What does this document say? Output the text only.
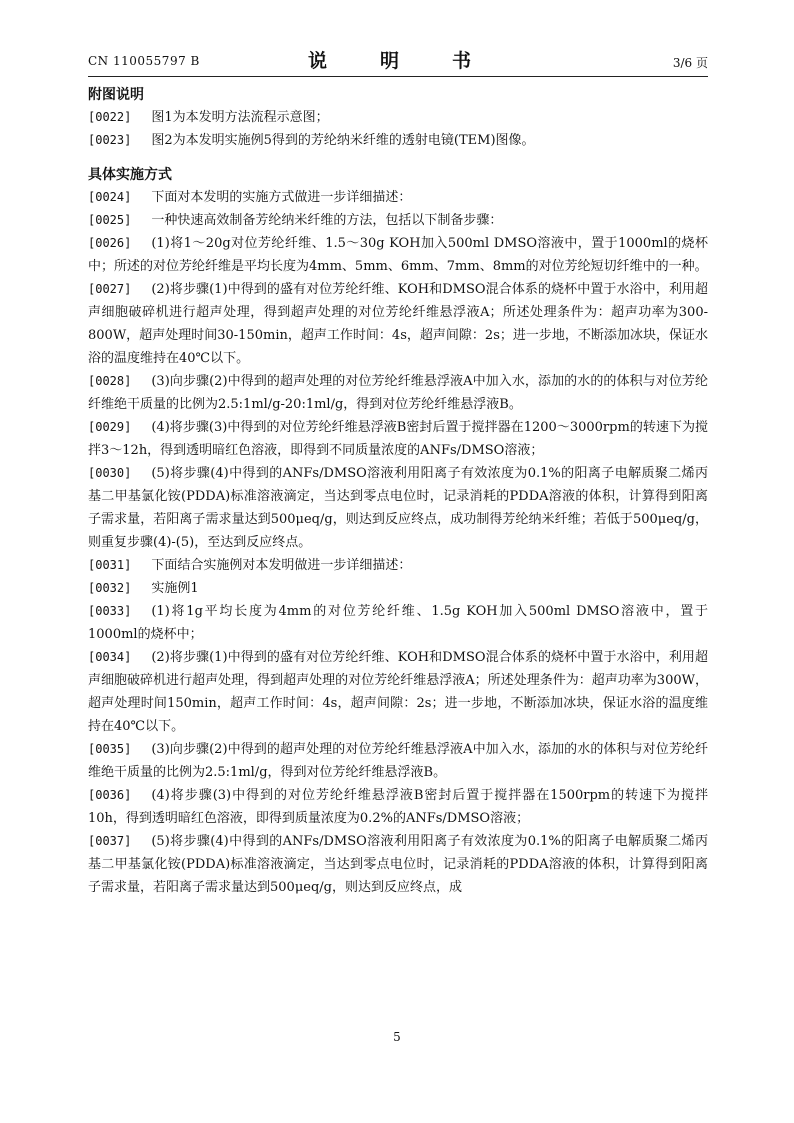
CN 110055797 B	说　明　书	3/6 页
附图说明
[0022] 图1为本发明方法流程示意图；
[0023] 图2为本发明实施例5得到的芳纶纳米纤维的透射电镜(TEM)图像。
具体实施方式
[0024] 下面对本发明的实施方式做进一步详细描述：
[0025] 一种快速高效制备芳纶纳米纤维的方法，包括以下制备步骤：
[0026] (1)将1～20g对位芳纶纤维、1.5～30g KOH加入500ml DMSO溶液中，置于1000ml的烧杯中；所述的对位芳纶纤维是平均长度为4mm、5mm、6mm、7mm、8mm的对位芳纶短切纤维中的一种。
[0027] (2)将步骤(1)中得到的盛有对位芳纶纤维、KOH和DMSO混合体系的烧杯中置于水浴中，利用超声细胞破碎机进行超声处理，得到超声处理的对位芳纶纤维悬浮液A；所述处理条件为：超声功率为300-800W，超声处理时间30-150min，超声工作时间：4s，超声间隙：2s；进一步地，不断添加冰块，保证水浴的温度维持在40℃以下。
[0028] (3)向步骤(2)中得到的超声处理的对位芳纶纤维悬浮液A中加入水，添加的水的的体积与对位芳纶纤维绝干质量的比例为2.5:1ml/g-20:1ml/g，得到对位芳纶纤维悬浮液B。
[0029] (4)将步骤(3)中得到的对位芳纶纤维悬浮液B密封后置于搅拌器在1200～3000rpm的转速下为搅拌3～12h，得到透明暗红色溶液，即得到不同质量浓度的ANFs/DMSO溶液；
[0030] (5)将步骤(4)中得到的ANFs/DMSO溶液利用阳离子有效浓度为0.1%的阳离子电解质聚二烯丙基二甲基氯化铵(PDDA)标准溶液滴定，当达到零点电位时，记录消耗的PDDA溶液的体积，计算得到阳离子需求量，若阳离子需求量达到500μeq/g，则达到反应终点，成功制得芳纶纳米纤维；若低于500μeq/g，则重复步骤(4)-(5)，至达到反应终点。
[0031] 下面结合实施例对本发明做进一步详细描述：
[0032] 实施例1
[0033] (1)将1g平均长度为4mm的对位芳纶纤维、1.5g KOH加入500ml DMSO溶液中，置于1000ml的烧杯中；
[0034] (2)将步骤(1)中得到的盛有对位芳纶纤维、KOH和DMSO混合体系的烧杯中置于水浴中，利用超声细胞破碎机进行超声处理，得到超声处理的对位芳纶纤维悬浮液A；所述处理条件为：超声功率为300W，超声处理时间150min，超声工作时间：4s，超声间隙：2s；进一步地，不断添加冰块，保证水浴的温度维持在40℃以下。
[0035] (3)向步骤(2)中得到的超声处理的对位芳纶纤维悬浮液A中加入水，添加的水的体积与对位芳纶纤维绝干质量的比例为2.5:1ml/g，得到对位芳纶纤维悬浮液B。
[0036] (4)将步骤(3)中得到的对位芳纶纤维悬浮液B密封后置于搅拌器在1500rpm的转速下为搅拌10h，得到透明暗红色溶液，即得到质量浓度为0.2%的ANFs/DMSO溶液；
[0037] (5)将步骤(4)中得到的ANFs/DMSO溶液利用阳离子有效浓度为0.1%的阳离子电解质聚二烯丙基二甲基氯化铵(PDDA)标准溶液滴定，当达到零点电位时，记录消耗的PDDA溶液的体积，计算得到阳离子需求量，若阳离子需求量达到500μeq/g，则达到反应终点，成
5
